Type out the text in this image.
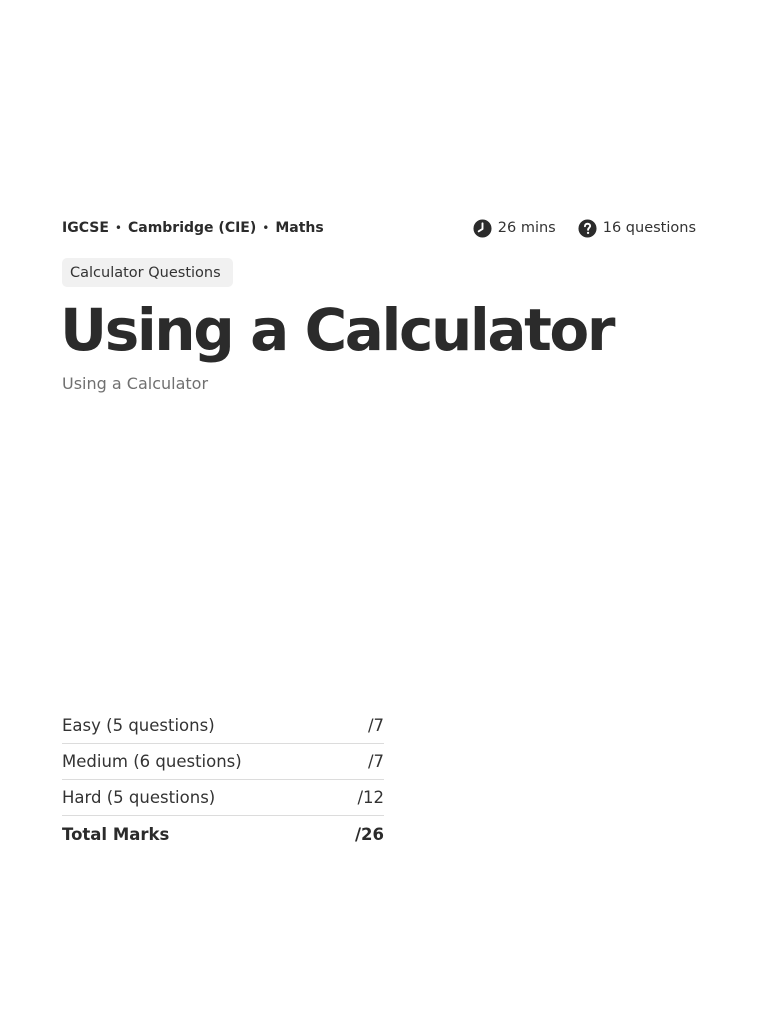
IGCSE • Cambridge (CIE) • Maths	26 mins	16 questions
Calculator Questions
Using a Calculator
Using a Calculator
Easy (5 questions)	/7
Medium (6 questions)	/7
Hard (5 questions)	/12
Total Marks	/26
